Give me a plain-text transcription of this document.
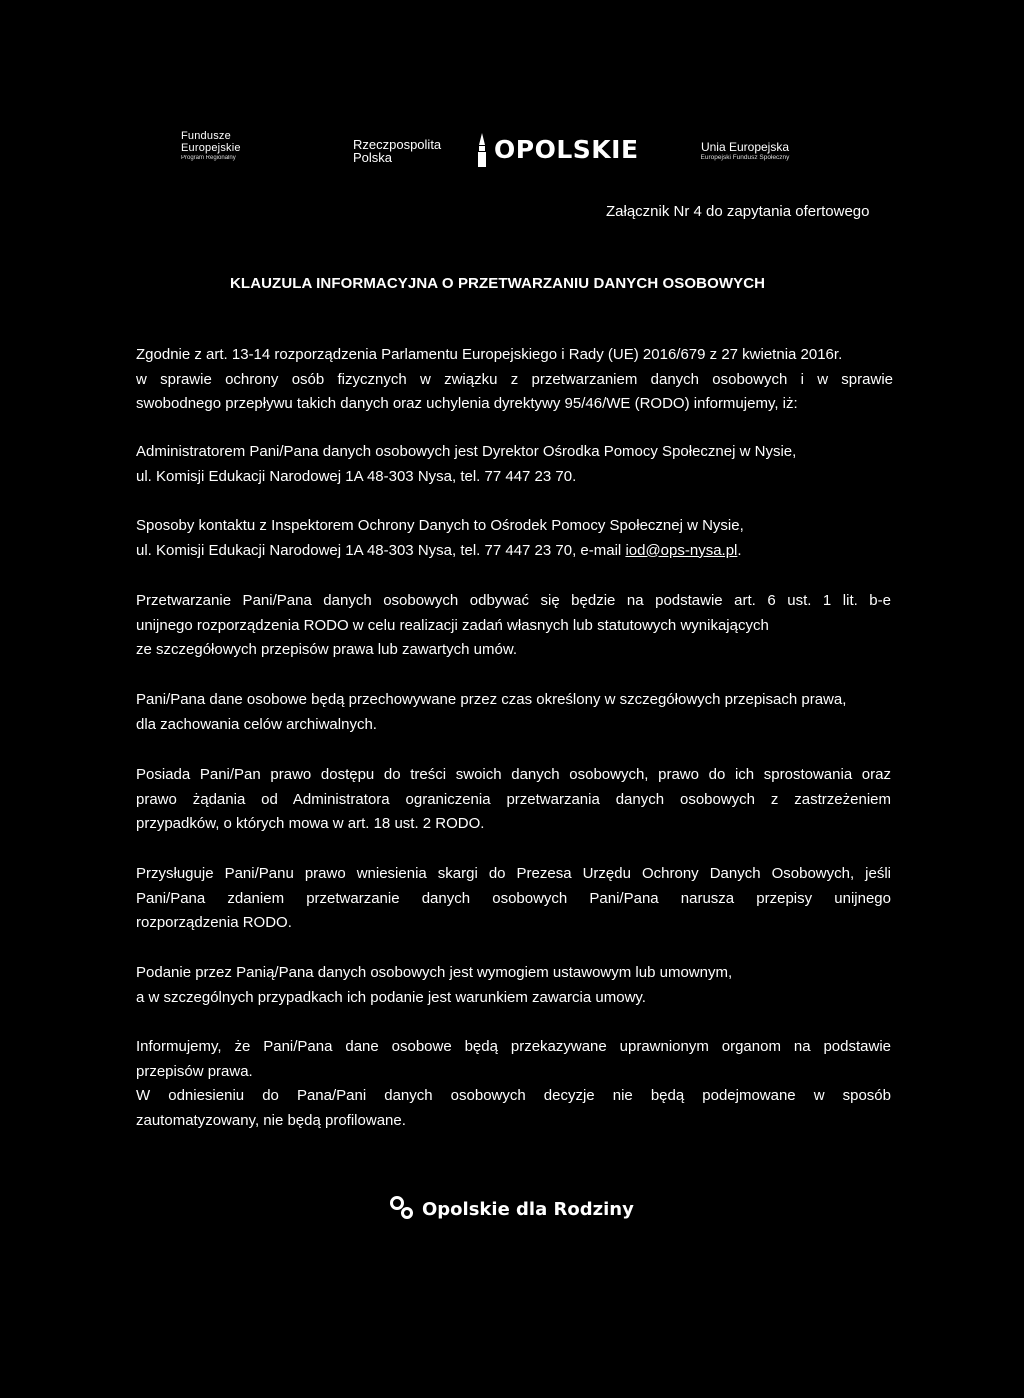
Fundusze
Europejskie
Program Regionalny
Rzeczpospolita
Polska	OPOLSKIE	Unia Europejska
Europejski Fundusz Społeczny
Załącznik Nr 4 do zapytania ofertowego
KLAUZULA INFORMACYJNA O PRZETWARZANIU DANYCH OSOBOWYCH

Zgodnie z art. 13-14 rozporządzenia Parlamentu Europejskiego i Rady (UE) 2016/679 z 27 kwietnia 2016r.

w sprawie ochrony osób fizycznych w związku z przetwarzaniem danych osobowych i w sprawie

swobodnego przepływu takich danych oraz uchylenia dyrektywy 95/46/WE (RODO) informujemy, iż:

Administratorem Pani/Pana danych osobowych jest Dyrektor Ośrodka Pomocy Społecznej w Nysie,

ul. Komisji Edukacji Narodowej 1A 48-303 Nysa, tel. 77 447 23 70.

Sposoby kontaktu z Inspektorem Ochrony Danych to Ośrodek Pomocy Społecznej w Nysie,

ul. Komisji Edukacji Narodowej 1A 48-303 Nysa, tel. 77 447 23 70, e-mail iod@ops-nysa.pl.

Przetwarzanie Pani/Pana danych osobowych odbywać się będzie na podstawie art. 6 ust. 1 lit. b-e

unijnego rozporządzenia RODO w celu realizacji zadań własnych lub statutowych wynikających

ze szczegółowych przepisów prawa lub zawartych umów.

Pani/Pana dane osobowe będą przechowywane przez czas określony w szczegółowych przepisach prawa,

dla zachowania celów archiwalnych.

Posiada Pani/Pan prawo dostępu do treści swoich danych osobowych, prawo do ich sprostowania oraz

prawo żądania od Administratora ograniczenia przetwarzania danych osobowych z zastrzeżeniem

przypadków, o których mowa w art. 18 ust. 2 RODO.

Przysługuje Pani/Panu prawo wniesienia skargi do Prezesa Urzędu Ochrony Danych Osobowych, jeśli

Pani/Pana zdaniem przetwarzanie danych osobowych Pani/Pana narusza przepisy unijnego

rozporządzenia RODO.

Podanie przez Panią/Pana danych osobowych jest wymogiem ustawowym lub umownym,

a w szczególnych przypadkach ich podanie jest warunkiem zawarcia umowy.

Informujemy, że Pani/Pana dane osobowe będą przekazywane uprawnionym organom na podstawie

przepisów prawa.

W odniesieniu do Pana/Pani danych osobowych decyzje nie będą podejmowane w sposób

zautomatyzowany, nie będą profilowane.

Opolskie dla Rodziny
